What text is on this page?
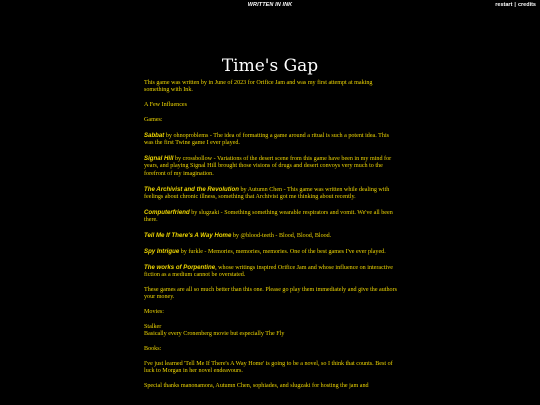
WRITTEN IN INK	restart | credits
Time's Gap

This game was written by in June of 2023 for Orifice Jam and was my first attempt at making something with Ink.

A Few Influences

Games:

Sabbat by ohnoproblems - The idea of formatting a game around a ritual is such a potent idea. This was the first Twine game I ever played.

Signal Hill by crossbollow - Variations of the desert scene from this game have been in my mind for years, and playing Signal Hill brought those visions of drugs and desert convoys very much to the forefront of my imagination.

The Archivist and the Revolution by Autumn Chen - This game was written while dealing with feelings about chronic illness, something that Archivist got me thinking about recently.

Computerfriend by slugzaki - Something something wearable respirators and vomit. We've all been there.

Tell Me If There's A Way Home by @blood-teeth - Blood, Blood, Blood.

Spy Intrigue by furkle - Memories, memories, memories. One of the best games I've ever played.

The works of Porpentine, whose writings inspired Orifice Jam and whose influence on interactive fiction as a medium cannot be overstated.

These games are all so much better than this one. Please go play them immediately and give the authors your money.

Movies:

Stalker
Basically every Cronenberg movie but especially The Fly

Books:

I've just learned 'Tell Me If There's A Way Home' is going to be a novel, so I think that counts. Best of luck to Morgan in her novel endeavours.

Special thanks manonamora, Autumn Chen, sophiades, and slugzaki for hosting the jam and
